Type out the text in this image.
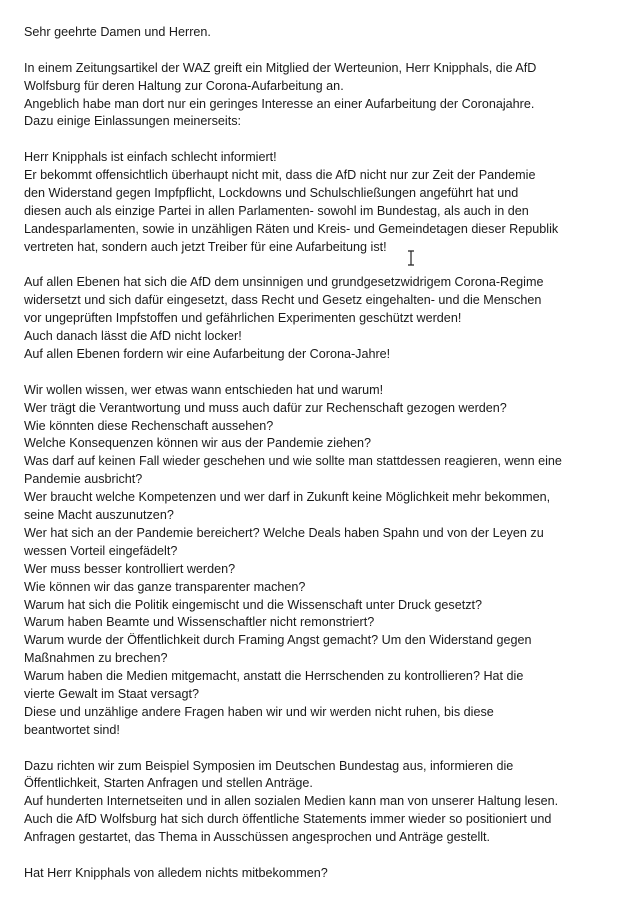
Sehr geehrte Damen und Herren.
In einem Zeitungsartikel der WAZ greift ein Mitglied der Werteunion, Herr Knipphals, die AfD
Wolfsburg für deren Haltung zur Corona-Aufarbeitung an.
Angeblich habe man dort nur ein geringes Interesse an einer Aufarbeitung der Coronajahre.
Dazu einige Einlassungen meinerseits:
Herr Knipphals ist einfach schlecht informiert!
Er bekommt offensichtlich überhaupt nicht mit, dass die AfD nicht nur zur Zeit der Pandemie
den Widerstand gegen Impfpflicht, Lockdowns und Schulschließungen angeführt hat und
diesen auch als einzige Partei in allen Parlamenten- sowohl im Bundestag, als auch in den
Landesparlamenten, sowie in unzähligen Räten und Kreis- und Gemeindetagen dieser Republik
vertreten hat, sondern auch jetzt Treiber für eine Aufarbeitung ist!
Auf allen Ebenen hat sich die AfD dem unsinnigen und grundgesetzwidrigem Corona-Regime
widersetzt und sich dafür eingesetzt, dass Recht und Gesetz eingehalten- und die Menschen
vor ungeprüften Impfstoffen und gefährlichen Experimenten geschützt werden!
Auch danach lässt die AfD nicht locker!
Auf allen Ebenen fordern wir eine Aufarbeitung der Corona-Jahre!
Wir wollen wissen, wer etwas wann entschieden hat und warum!
Wer trägt die Verantwortung und muss auch dafür zur Rechenschaft gezogen werden?
Wie könnten diese Rechenschaft aussehen?
Welche Konsequenzen können wir aus der Pandemie ziehen?
Was darf auf keinen Fall wieder geschehen und wie sollte man stattdessen reagieren, wenn eine
Pandemie ausbricht?
Wer braucht welche Kompetenzen und wer darf in Zukunft keine Möglichkeit mehr bekommen,
seine Macht auszunutzen?
Wer hat sich an der Pandemie bereichert? Welche Deals haben Spahn und von der Leyen zu
wessen Vorteil eingefädelt?
Wer muss besser kontrolliert werden?
Wie können wir das ganze transparenter machen?
Warum hat sich die Politik eingemischt und die Wissenschaft unter Druck gesetzt?
Warum haben Beamte und Wissenschaftler nicht remonstriert?
Warum wurde der Öffentlichkeit durch Framing Angst gemacht? Um den Widerstand gegen
Maßnahmen zu brechen?
Warum haben die Medien mitgemacht, anstatt die Herrschenden zu kontrollieren? Hat die
vierte Gewalt im Staat versagt?
Diese und unzählige andere Fragen haben wir und wir werden nicht ruhen, bis diese
beantwortet sind!
Dazu richten wir zum Beispiel Symposien im Deutschen Bundestag aus, informieren die
Öffentlichkeit, Starten Anfragen und stellen Anträge.
Auf hunderten Internetseiten und in allen sozialen Medien kann man von unserer Haltung lesen.
Auch die AfD Wolfsburg hat sich durch öffentliche Statements immer wieder so positioniert und
Anfragen gestartet, das Thema in Ausschüssen angesprochen und Anträge gestellt.
Hat Herr Knipphals von alledem nichts mitbekommen?
